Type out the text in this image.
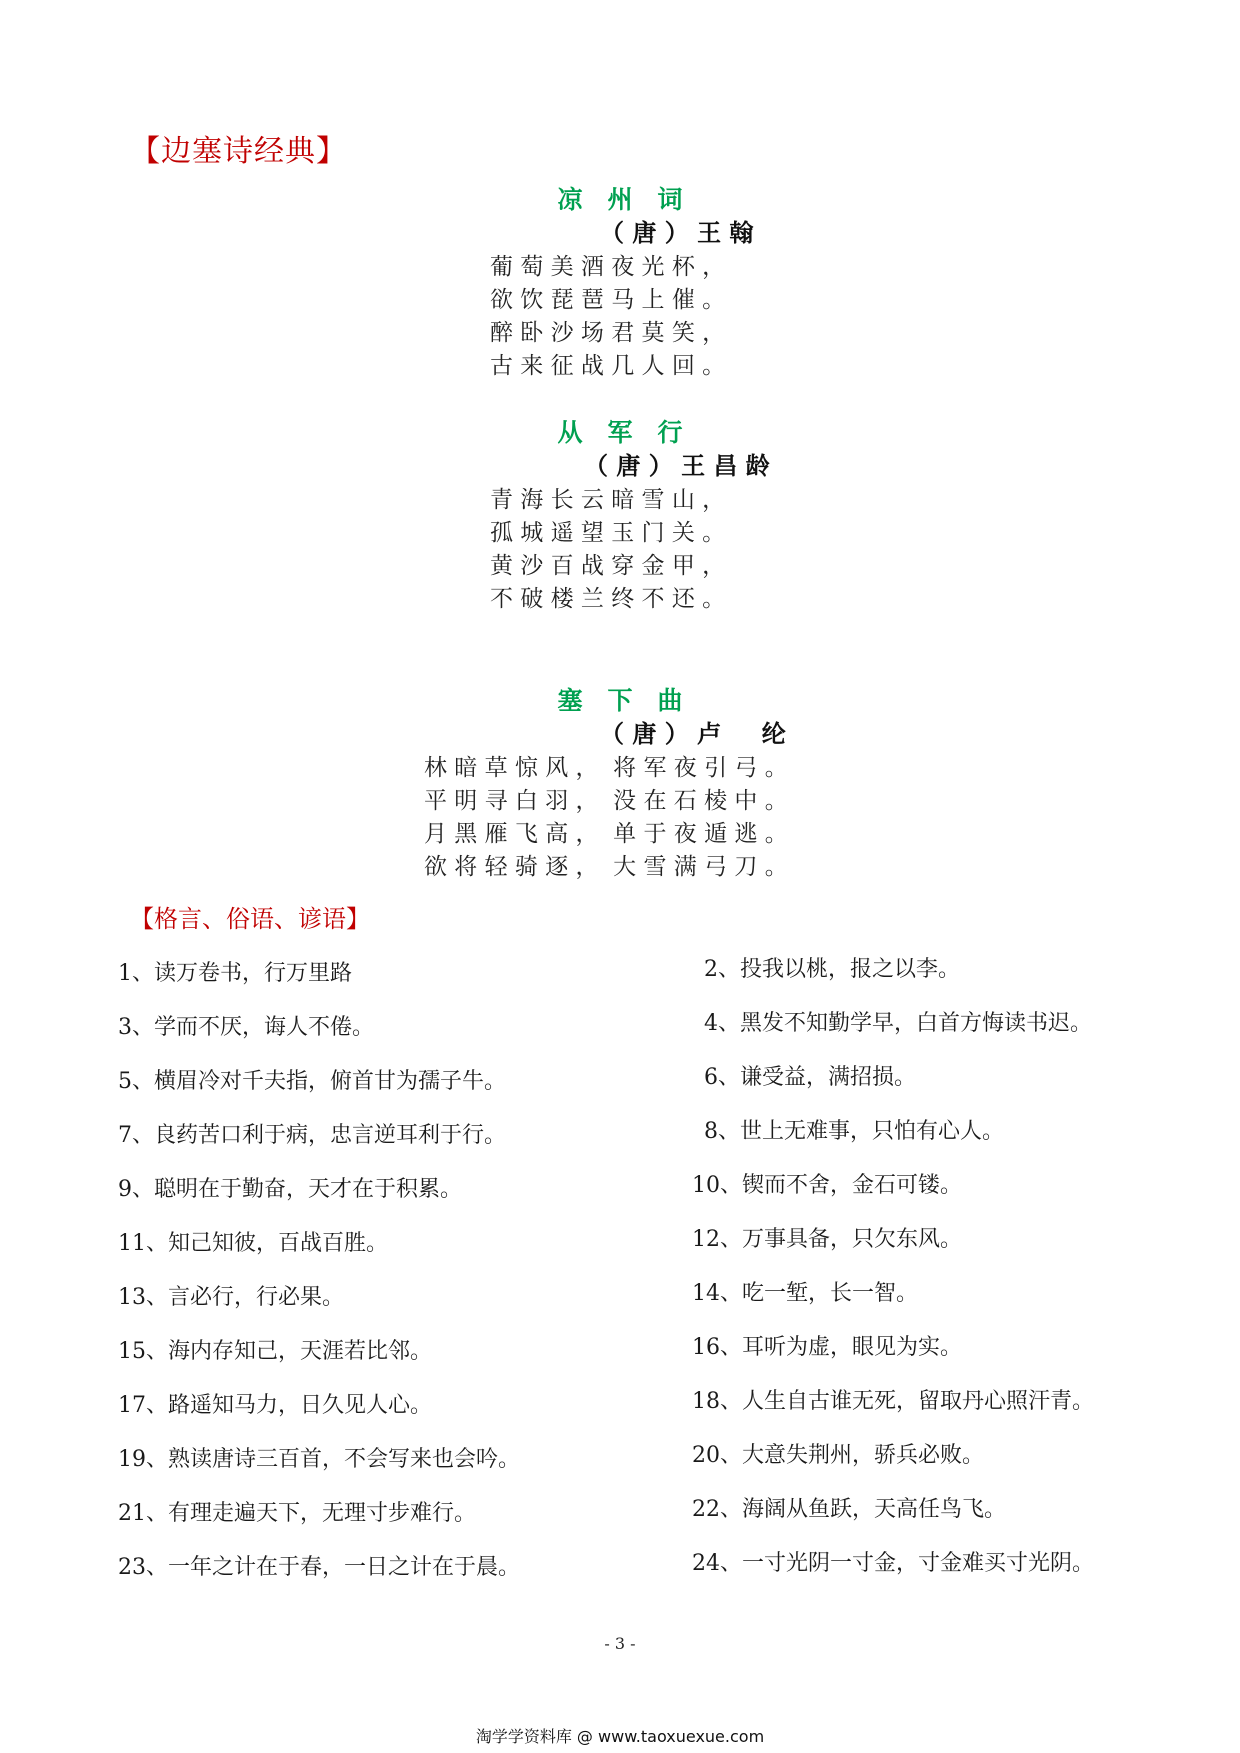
【边塞诗经典】
凉　州　词
（ 唐 ） 王 翰
葡 萄 美 酒 夜 光 杯 ，
欲 饮 琵 琶 马 上 催 。
醉 卧 沙 场 君 莫 笑 ，
古 来 征 战 几 人 回 。
从　军　行
（ 唐 ） 王 昌 龄
青 海 长 云 暗 雪 山 ，
孤 城 遥 望 玉 门 关 。
黄 沙 百 战 穿 金 甲 ，
不 破 楼 兰 终 不 还 。
塞　下　曲
（ 唐 ） 卢 　 纶
林 暗 草 惊 风 ，  将 军 夜 引 弓 。
平 明 寻 白 羽 ，  没 在 石 棱 中 。
月 黑 雁 飞 高 ，  单 于 夜 遁 逃 。
欲 将 轻 骑 逐 ，  大 雪 满 弓 刀 。
【格言、俗语、谚语】
1、读万卷书，行万里路	2、投我以桃，报之以李。
3、学而不厌，诲人不倦。	4、黑发不知勤学早，白首方悔读书迟。
5、横眉冷对千夫指，俯首甘为孺子牛。	6、谦受益，满招损。
7、良药苦口利于病，忠言逆耳利于行。	8、世上无难事，只怕有心人。
9、聪明在于勤奋，天才在于积累。	10、锲而不舍，金石可镂。
11、知己知彼，百战百胜。	12、万事具备，只欠东风。
13、言必行，行必果。	14、吃一堑，长一智。
15、海内存知己，天涯若比邻。	16、耳听为虚，眼见为实。
17、路遥知马力，日久见人心。	18、人生自古谁无死，留取丹心照汗青。
19、熟读唐诗三百首，不会写来也会吟。	20、大意失荆州，骄兵必败。
21、有理走遍天下，无理寸步难行。	22、海阔从鱼跃，天高任鸟飞。
23、一年之计在于春，一日之计在于晨。	24、一寸光阴一寸金，寸金难买寸光阴。
- 3 -
淘学学资料库 @ www.taoxuexue.com
